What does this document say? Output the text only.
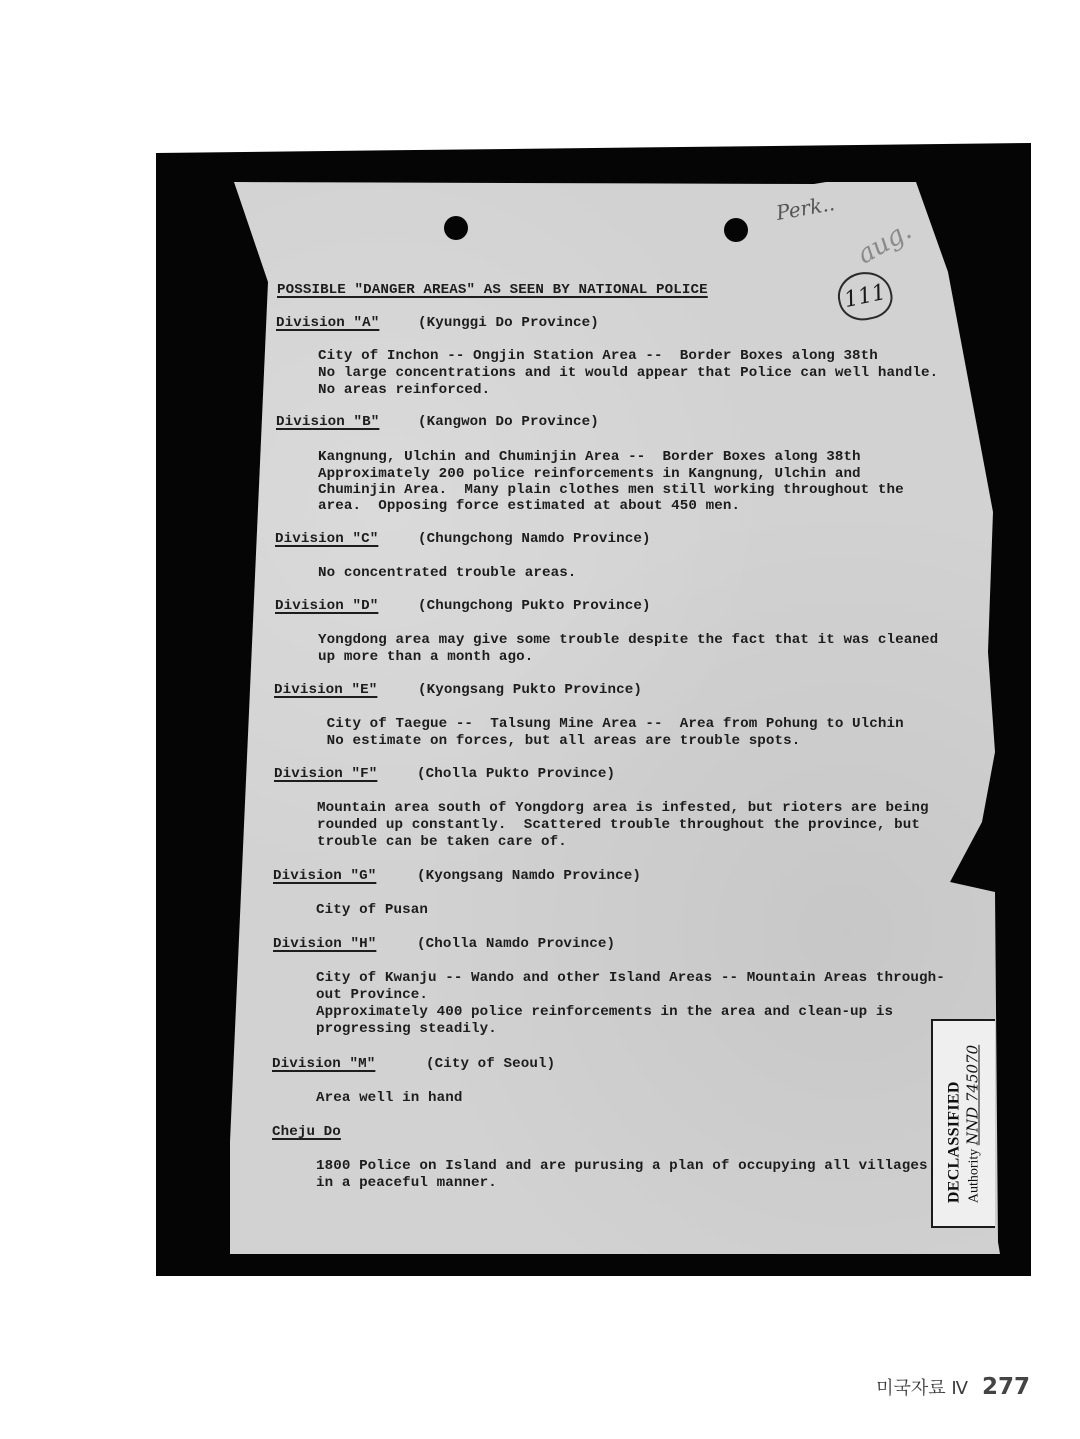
Perk..
aug.
111
POSSIBLE "DANGER AREAS" AS SEEN BY NATIONAL POLICE
Division "A"	(Kyunggi Do Province)
City of Inchon -- Ongjin Station Area --  Border Boxes along 38th
No large concentrations and it would appear that Police can well handle.
No areas reinforced.
Division "B"	(Kangwon Do Province)
Kangnung, Ulchin and Chuminjin Area --  Border Boxes along 38th
Approximately 200 police reinforcements in Kangnung, Ulchin and
Chuminjin Area.  Many plain clothes men still working throughout the
area.  Opposing force estimated at about 450 men.
Division "C"	(Chungchong Namdo Province)
No concentrated trouble areas.
Division "D"	(Chungchong Pukto Province)
Yongdong area may give some trouble despite the fact that it was cleaned
up more than a month ago.
Division "E"	(Kyongsang Pukto Province)
City of Taegue --  Talsung Mine Area --  Area from Pohung to Ulchin
No estimate on forces, but all areas are trouble spots.
Division "F"	(Cholla Pukto Province)
Mountain area south of Yongdorg area is infested, but rioters are being
rounded up constantly.  Scattered trouble throughout the province, but
trouble can be taken care of.
Division "G"	(Kyongsang Namdo Province)
City of Pusan
Division "H"	(Cholla Namdo Province)
City of Kwanju -- Wando and other Island Areas -- Mountain Areas through-
out Province.
Approximately 400 police reinforcements in the area and clean-up is
progressing steadily.
Division "M"	(City of Seoul)
Area well in hand
Cheju Do
1800 Police on Island and are purusing a plan of occupying all villages
in a peaceful manner.	DECLASSIFIED Authority NND 745070
미국자료 Ⅳ 277
